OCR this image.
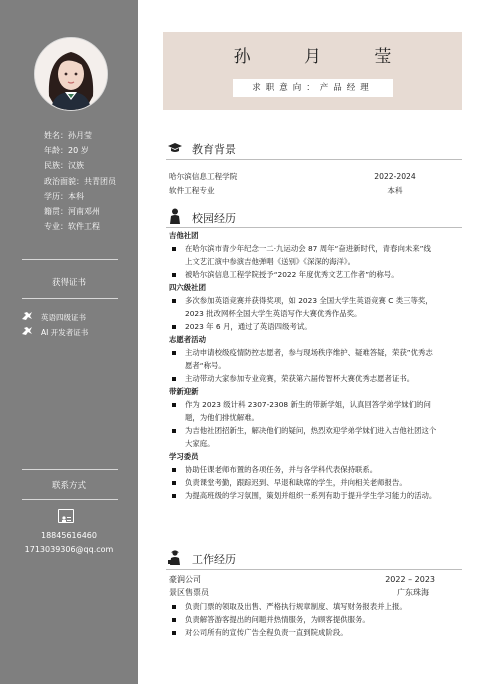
姓名：孙月莹
年龄：20 岁
民族：汉族
政治面貌：共青团员
学历：本科
籍贯：河南邓州
专业：软件工程
获得证书
英语四级证书
AI 开发者证书
联系方式
18845616460
1713039306@qq.com
孙 月 莹
求职意向：产品经理
教育背景
哈尔滨信息工程学院	2022-2024
软件工程专业	本科
校园经历
吉他社团
在哈尔滨市青少年纪念一二·九运动会 87 周年“奋进新时代，青春向未来”线上文艺汇演中参演吉他弹唱《送别》《深深的海洋》。
被哈尔滨信息工程学院授予“2022 年度优秀文艺工作者”的称号。
四六级社团
多次参加英语竞赛并获得奖项，如 2023 全国大学生英语竞赛 C 类三等奖，2023 批改网杯全国大学生英语写作大赛优秀作品奖。
2023 年 6 月，通过了英语四级考试。
志愿者活动
主动申请校级疫情防控志愿者，参与现场秩序维护、疑难答疑，荣获”优秀志愿者“称号。
主动带动大家参加专业竞赛，荣获第六届传智杯大赛优秀志愿者证书。
带新迎新
作为 2023 级计科 2307-2308 新生的带新学姐，认真回答学弟学妹们的问题，为他们排忧解难。
为吉他社团招新生，解决他们的疑问，热烈欢迎学弟学妹们进入吉他社团这个大家庭。
学习委员
协助任课老师布置的各项任务，并与各学科代表保持联系。
负责课堂考勤，跟踪迟到、早退和缺席的学生，并向相关老师报告。
为提高班级的学习氛围，策划并组织一系列有助于提升学生学习能力的活动。
工作经历
豪润公司	2022 – 2023
景区售票员	广东珠海
负责门票的领取及出售、严格执行规章制度、填写财务报表并上报。
负责解答游客提出的问题并热情服务，为顾客提供服务。
对公司所有的宣传广告全程负责一直到院成阶段。
